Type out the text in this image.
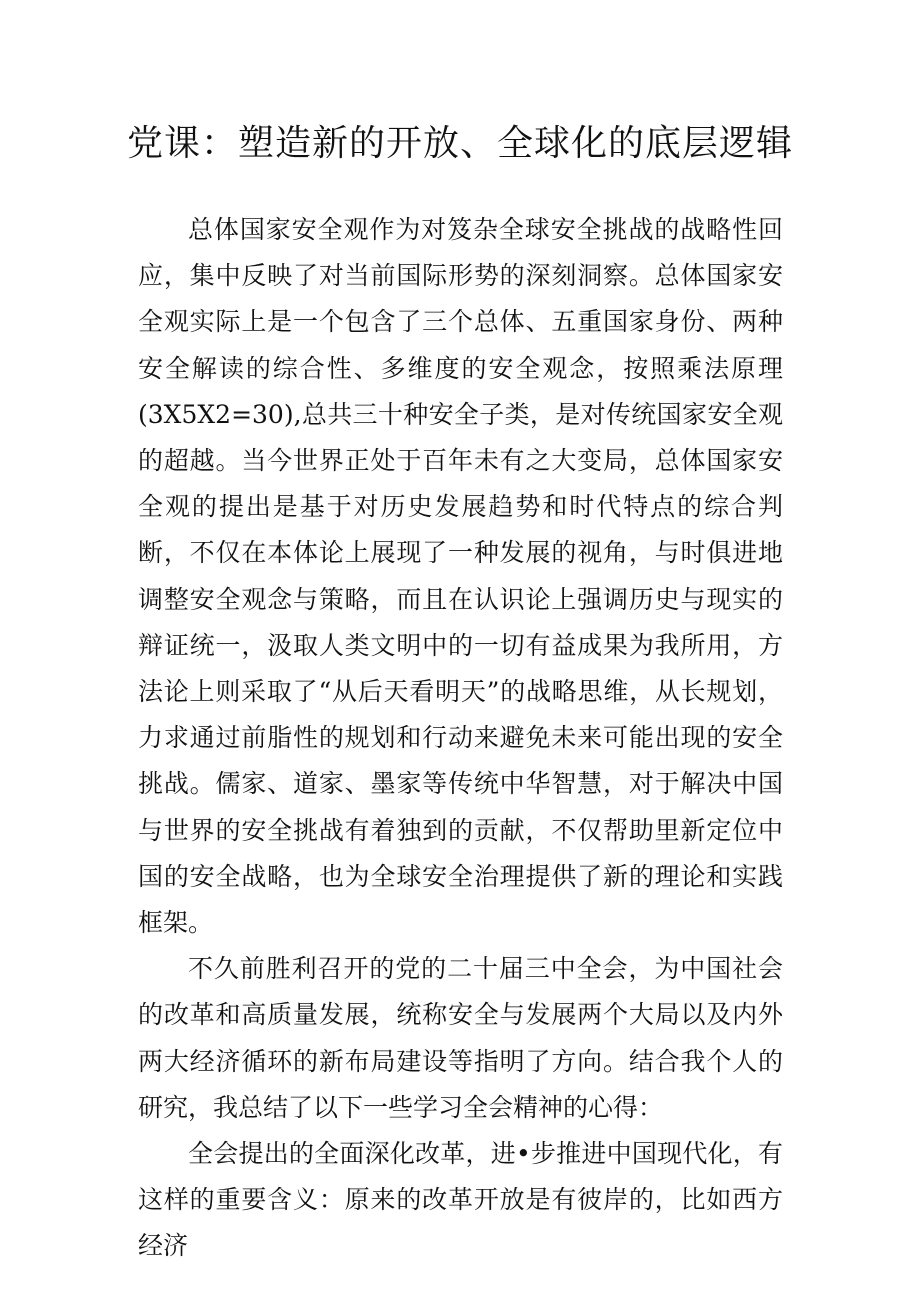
党课：塑造新的开放、全球化的底层逻辑

总体国家安全观作为对笈杂全球安全挑战的战略性回应，集中反映了对当前国际形势的深刻洞察。总体国家安全观实际上是一个包含了三个总体、五重国家身份、两种安全解读的综合性、多维度的安全观念，按照乘法原理(3X5X2=30),总共三十种安全子类，是对传统国家安全观的超越。当今世界正处于百年未有之大变局，总体国家安全观的提出是基于对历史发展趋势和时代特点的综合判断，不仅在本体论上展现了一种发展的视角，与时俱进地调整安全观念与策略，而且在认识论上强调历史与现实的辩证统一，汲取人类文明中的一切有益成果为我所用，方法论上则采取了“从后天看明天”的战略思维，从长规划，力求通过前脂性的规划和行动来避免未来可能出现的安全挑战。儒家、道家、墨家等传统中华智慧，对于解决中国与世界的安全挑战有着独到的贡献，不仅帮助里新定位中国的安全战略，也为全球安全治理提供了新的理论和实践框架。

不久前胜利召开的党的二十届三中全会，为中国社会的改革和高质量发展，统称安全与发展两个大局以及内外两大经济循环的新布局建设等指明了方向。结合我个人的研究，我总结了以下一些学习全会精神的心得：

全会提出的全面深化改革，进•步推进中国现代化，有这样的重要含义：原来的改革开放是有彼岸的，比如西方经济
